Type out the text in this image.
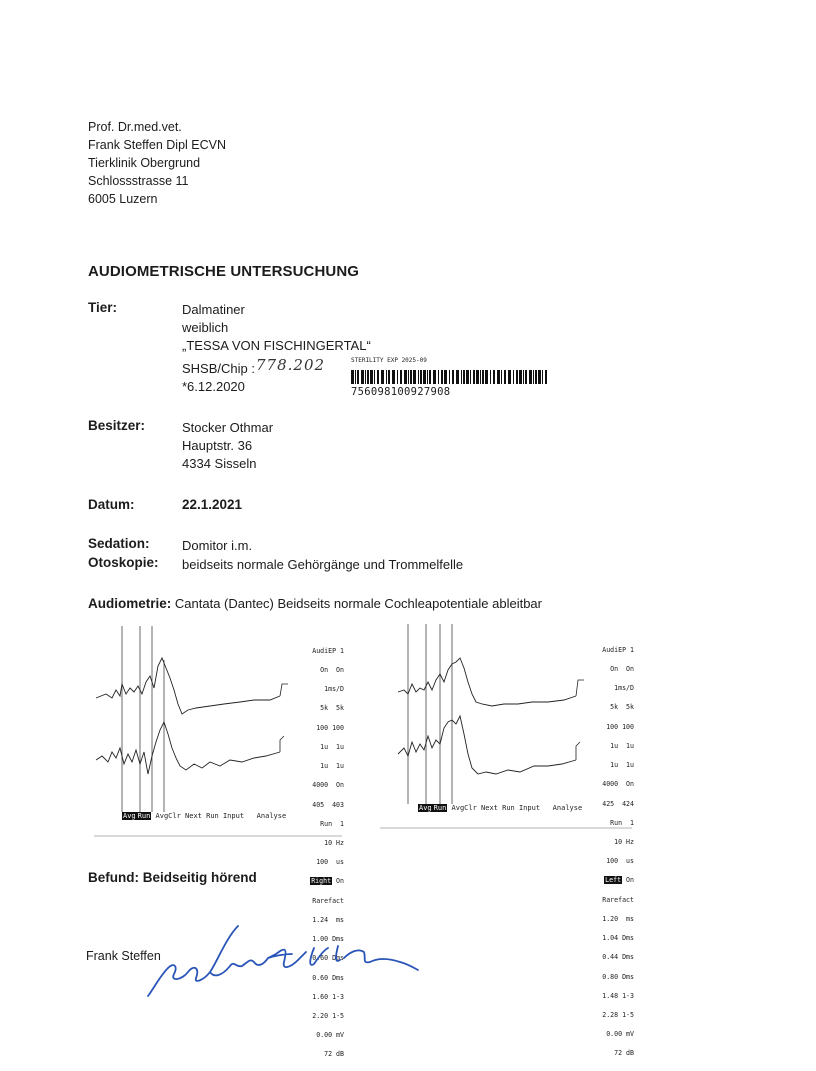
Prof. Dr.med.vet.
Frank Steffen Dipl ECVN
Tierklinik Obergrund
Schlossstrasse 11
6005 Luzern
AUDIOMETRISCHE UNTERSUCHUNG
Tier:	Dalmatiner
weiblich
„TESSA VON FISCHINGERTAL“
SHSB/Chip : 778.202
*6.12.2020
STERILITY EXP 2025-09
756098100927908
Besitzer:	Stocker Othmar
Hauptstr. 36
4334 Sisseln
Datum:	22.1.2021
Sedation: Domitor i.m.
Otoskopie: beidseits normale Gehörgänge und Trommelfelle
Audiometrie: Cantata (Dantec) Beidseits normale Cochleapotentiale ableitbar

AudiEP 1

On  On

1ms/D

5k  5k

100 100

1u  1u

1u  1u

4000  On

405  403

Run  1

10 Hz

100  us

Right On

Rarefact

1.24  ms

1.00 Dms

0.60 Dms

0.60 Dms

1.60 1-3

2.20 1-5

0.00 mV

72 dB

Avg Run AvgClr Next Run Input   Analyse

AudiEP 1

On  On

1ms/D

5k  5k

100 100

1u  1u

1u  1u

4000  On

425  424

Run  1

10 Hz

100  us

Left On

Rarefact

1.20  ms

1.04 Dms

0.44 Dms

0.80 Dms

1.48 1-3

2.28 1-5

0.00 mV

72 dB

Avg Run AvgClr Next Run Input   Analyse
Befund: Beidseitig hörend
Frank Steffen
